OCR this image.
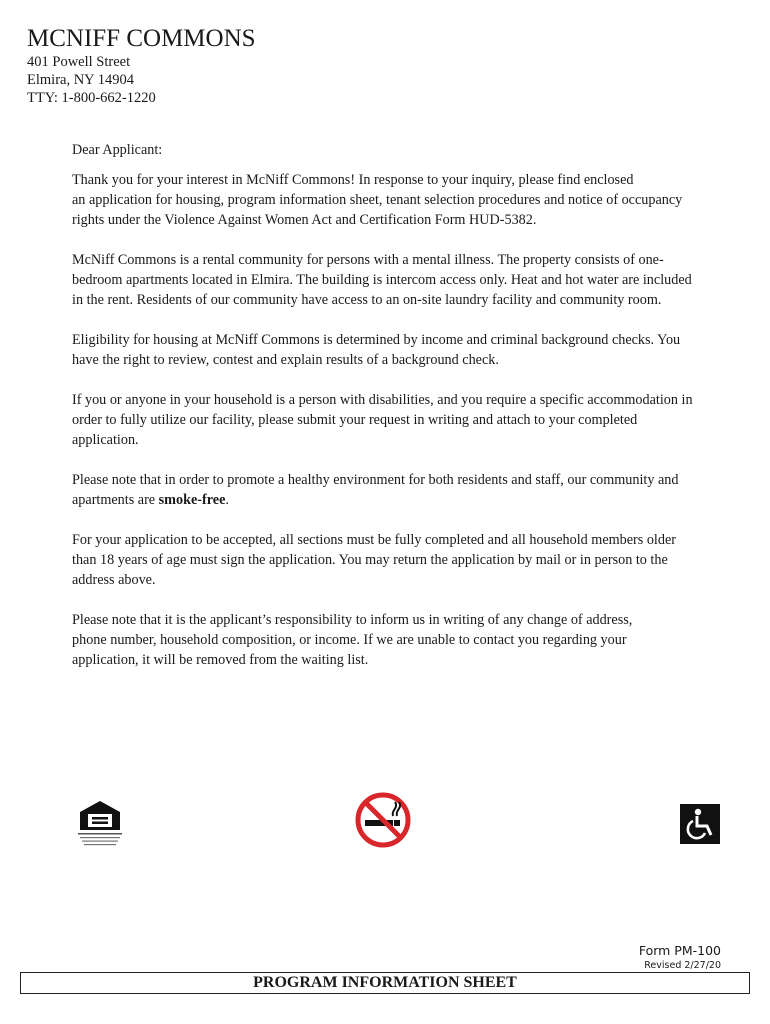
MCNIFF COMMONS
401 Powell Street
Elmira, NY 14904
TTY: 1-800-662-1220

Dear Applicant:

Thank you for your interest in McNiff Commons! In response to your inquiry, please find enclosed
an application for housing, program information sheet, tenant selection procedures and notice of occupancy
rights under the Violence Against Women Act and Certification Form HUD-5382.

McNiff Commons is a rental community for persons with a mental illness. The property consists of one-
bedroom apartments located in Elmira. The building is intercom access only. Heat and hot water are included
in the rent. Residents of our community have access to an on-site laundry facility and community room.

Eligibility for housing at McNiff Commons is determined by income and criminal background checks. You
have the right to review, contest and explain results of a background check.

If you or anyone in your household is a person with disabilities, and you require a specific accommodation in
order to fully utilize our facility, please submit your request in writing and attach to your completed
application.

Please note that in order to promote a healthy environment for both residents and staff, our community and
apartments are smoke-free.

For your application to be accepted, all sections must be fully completed and all household members older
than 18 years of age must sign the application. You may return the application by mail or in person to the
address above.

Please note that it is the applicant’s responsibility to inform us in writing of any change of address,
phone number, household composition, or income. If we are unable to contact you regarding your
application, it will be removed from the waiting list.

Form PM-100
Revised 2/27/20
PROGRAM INFORMATION SHEET
